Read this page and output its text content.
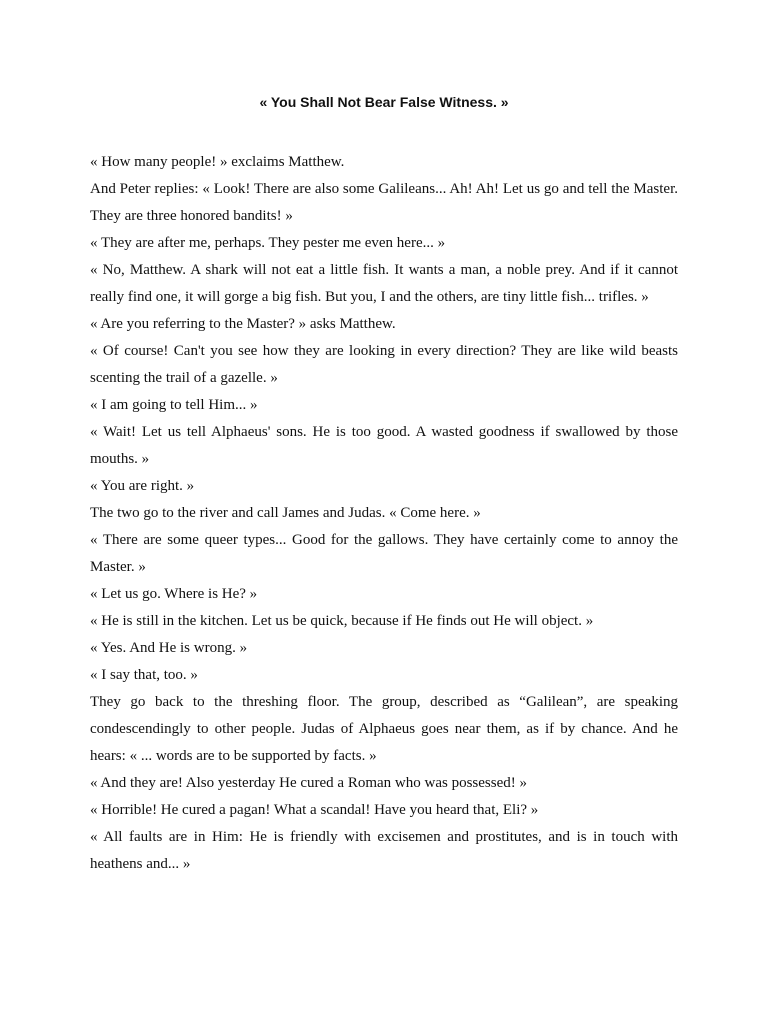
« You Shall Not Bear False Witness. »

« How many people! » exclaims Matthew.

And Peter replies: « Look! There are also some Galileans... Ah! Ah! Let us go and tell the Master. They are three honored bandits! »

« They are after me, perhaps. They pester me even here... »

« No, Matthew. A shark will not eat a little fish. It wants a man, a noble prey. And if it cannot really find one, it will gorge a big fish. But you, I and the others, are tiny little fish... trifles. »

« Are you referring to the Master? » asks Matthew.

« Of course! Can't you see how they are looking in every direction? They are like wild beasts scenting the trail of a gazelle. »

« I am going to tell Him... »

« Wait! Let us tell Alphaeus' sons. He is too good. A wasted goodness if swallowed by those mouths. »

« You are right. »

The two go to the river and call James and Judas. « Come here. »

« There are some queer types... Good for the gallows. They have certainly come to annoy the Master. »

« Let us go. Where is He? »

« He is still in the kitchen. Let us be quick, because if He finds out He will object. »

« Yes. And He is wrong. »

« I say that, too. »

They go back to the threshing floor. The group, described as “Galilean”, are speaking condescendingly to other people. Judas of Alphaeus goes near them, as if by chance. And he hears: « ... words are to be supported by facts. »

« And they are! Also yesterday He cured a Roman who was possessed! »

« Horrible! He cured a pagan! What a scandal! Have you heard that, Eli? »

« All faults are in Him: He is friendly with excisemen and prostitutes, and is in touch with heathens and... »
